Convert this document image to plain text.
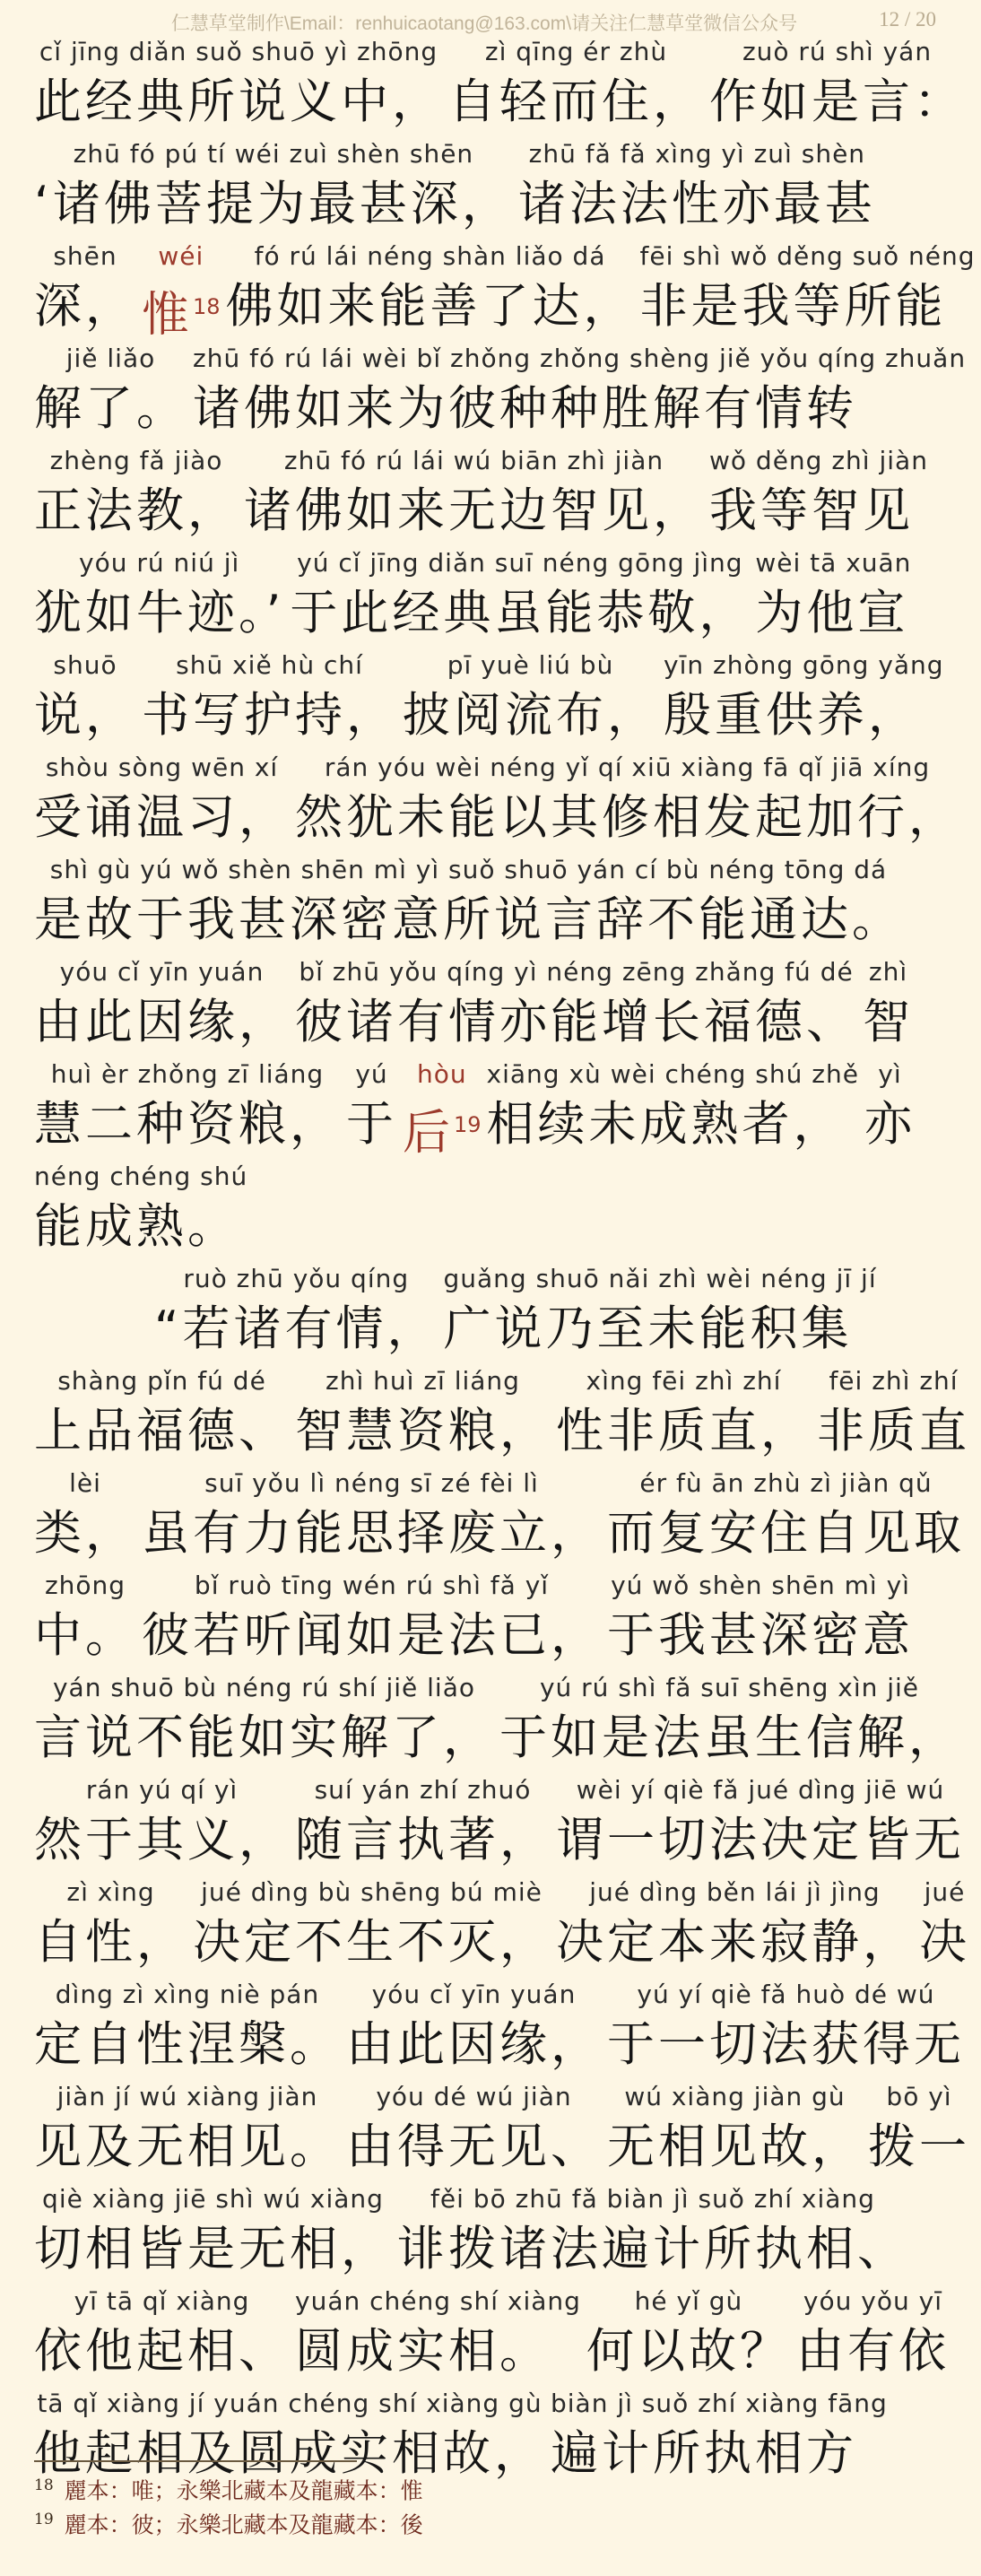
仁慧草堂制作\Email：renhuicaotang@163.com\请关注仁慧草堂微信公众号	12 / 20
cǐ jīng diǎn suǒ shuō yì zhōng
此经典所说义中，
zì qīng ér zhù
自轻而住，
zuò rú shì yán
作如是言：
zhū fó pú tí wéi zuì shèn shēn
‘诸佛菩提为最甚深，
zhū fǎ fǎ xìng yì zuì shèn
诸法法性亦最甚
shēn
深，
wéi
惟$^{18}$
fó rú lái néng shàn liǎo dá
佛如来能善了达，
fēi shì wǒ děng suǒ néng
非是我等所能
jiě liǎo
解了。
zhū fó rú lái wèi bǐ zhǒng zhǒng shèng jiě yǒu qíng zhuǎn
诸佛如来为彼种种胜解有情转
zhèng fǎ jiào
正法教，
zhū fó rú lái wú biān zhì jiàn
诸佛如来无边智见，
wǒ děng zhì jiàn
我等智见
yóu rú niú jì
犹如牛迹。’
yú cǐ jīng diǎn suī néng gōng jìng
于此经典虽能恭敬，
wèi tā xuān
为他宣
shuō
说，
shū xiě hù chí
书写护持，
pī yuè liú bù
披阅流布，
yīn zhòng gōng yǎng
殷重供养，
shòu sòng wēn xí
受诵温习，
rán yóu wèi néng yǐ qí xiū xiàng fā qǐ jiā xíng
然犹未能以其修相发起加行，
shì gù yú wǒ shèn shēn mì yì suǒ shuō yán cí bù néng tōng dá
是故于我甚深密意所说言辞不能通达。
yóu cǐ yīn yuán
由此因缘，
bǐ zhū yǒu qíng yì néng zēng zhǎng fú dé
彼诸有情亦能增长福德、
zhì
智
huì èr zhǒng zī liáng
慧二种资粮，
yú
于
hòu
后$^{19}$
xiāng xù wèi chéng shú zhě
相续未成熟者，
yì
亦
néng chéng shú
能成熟。
ruò zhū yǒu qíng
“若诸有情，
guǎng shuō nǎi zhì wèi néng jī jí
广说乃至未能积集
shàng pǐn fú dé
上品福德、
zhì huì zī liáng
智慧资粮，
xìng fēi zhì zhí
性非质直，
fēi zhì zhí
非质直
lèi
类，
suī yǒu lì néng sī zé fèi lì
虽有力能思择废立，
ér fù ān zhù zì jiàn qǔ
而复安住自见取
zhōng
中。
bǐ ruò tīng wén rú shì fǎ yǐ
彼若听闻如是法已，
yú wǒ shèn shēn mì yì
于我甚深密意
yán shuō bù néng rú shí jiě liǎo
言说不能如实解了，
yú rú shì fǎ suī shēng xìn jiě
于如是法虽生信解，
rán yú qí yì
然于其义，
suí yán zhí zhuó
随言执著，
wèi yí qiè fǎ jué dìng jiē wú
谓一切法决定皆无
zì xìng
自性，
jué dìng bù shēng bú miè
决定不生不灭，
jué dìng běn lái jì jìng
决定本来寂静，
jué
决
dìng zì xìng niè pán
定自性涅槃。
yóu cǐ yīn yuán
由此因缘，
yú yí qiè fǎ huò dé wú
于一切法获得无
jiàn jí wú xiàng jiàn
见及无相见。
yóu dé wú jiàn
由得无见、
wú xiàng jiàn gù
无相见故，
bō yì
拨一
qiè xiàng jiē shì wú xiàng
切相皆是无相，
fěi bō zhū fǎ biàn jì suǒ zhí xiàng
诽拨诸法遍计所执相、
yī tā qǐ xiàng
依他起相、
yuán chéng shí xiàng
圆成实相。
hé yǐ gù
何以故？
yóu yǒu yī
由有依
tā qǐ xiàng jí yuán chéng shí xiàng gù
他起相及圆成实相故，
biàn jì suǒ zhí xiàng fāng
遍计所执相方
$^{18}$ 麗本：唯；永樂北藏本及龍藏本：惟
$^{19}$ 麗本：彼；永樂北藏本及龍藏本：後
